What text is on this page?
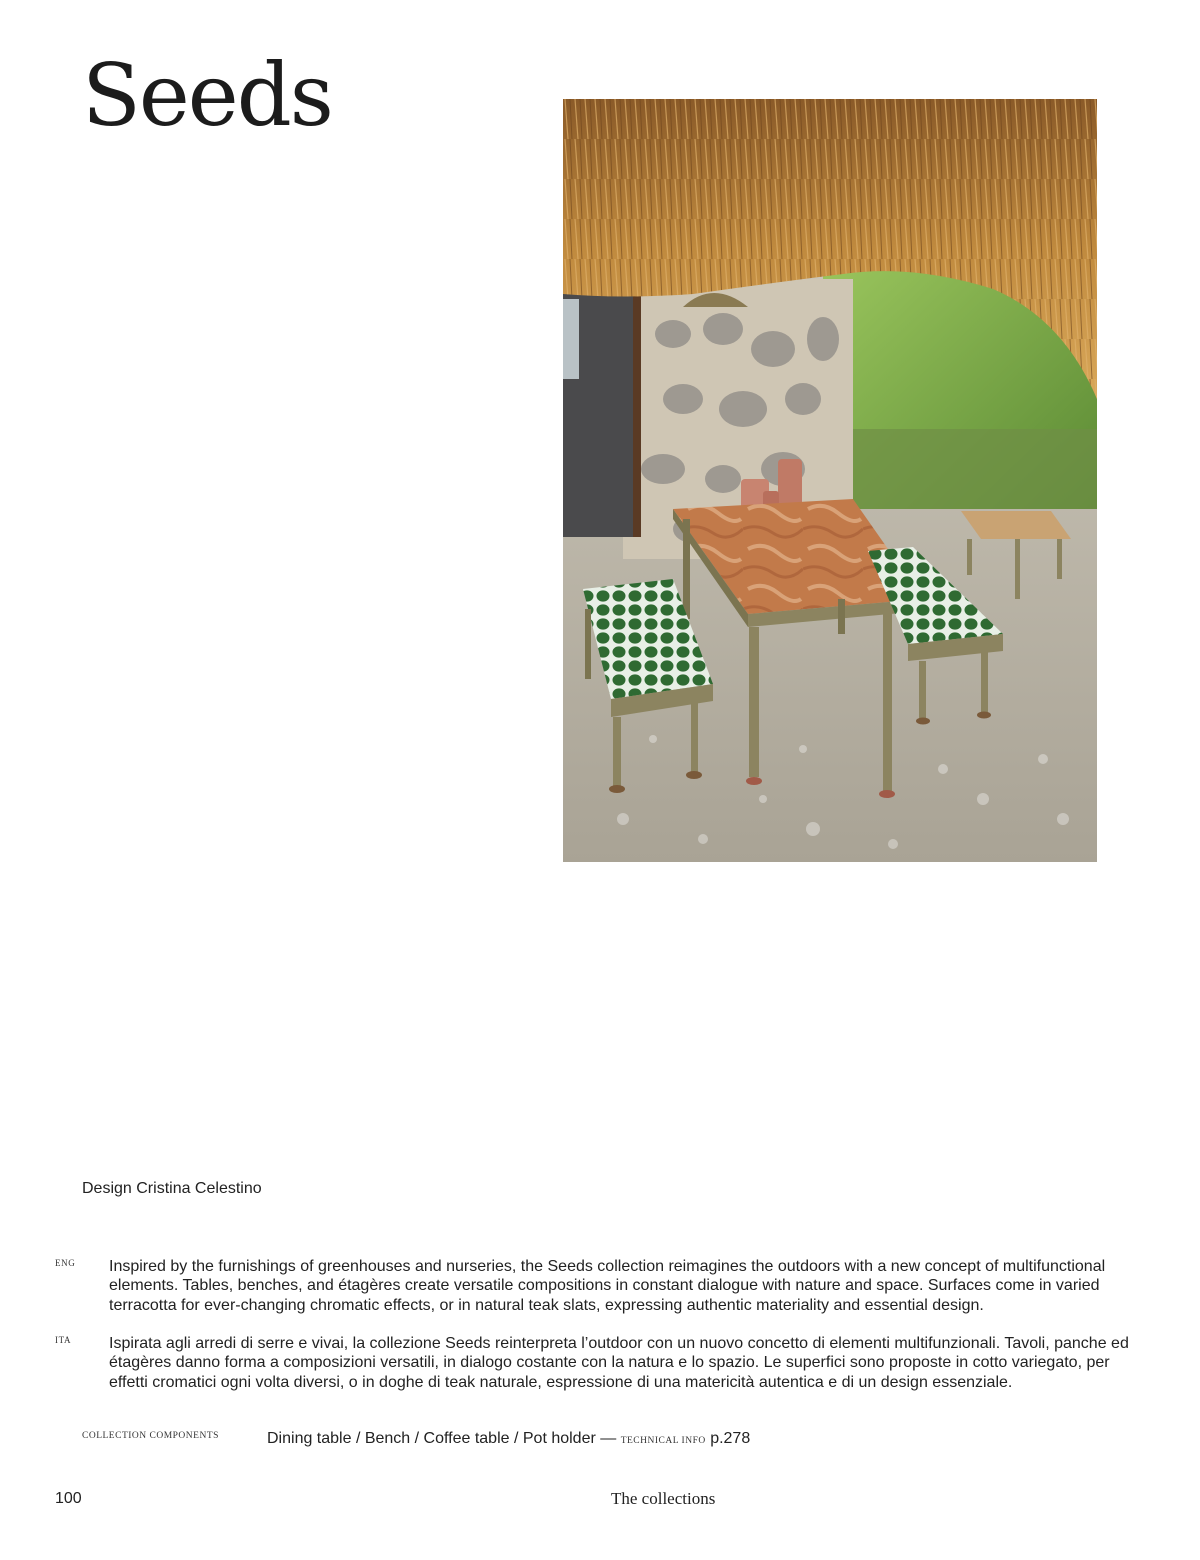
Seeds
Design Cristina Celestino
ENG Inspired by the furnishings of greenhouses and nurseries, the Seeds collection reimagines the outdoors with a new concept of multifunctional elements. Tables, benches, and étagères create versatile compositions in constant dialogue with nature and space. Surfaces come in varied terracotta for ever-changing chromatic effects, or in natural teak slats, expressing authentic materiality and essential design.
ITA Ispirata agli arredi di serre e vivai, la collezione Seeds reinterpreta l’outdoor con un nuovo concetto di elementi multifunzionali. Tavoli, panche ed étagères danno forma a composizioni versatili, in dialogo costante con la natura e lo spazio. Le superfici sono proposte in cotto variegato, per effetti cromatici ogni volta diversi, o in doghe di teak naturale, espressione di una matericità autentica e di un design essenziale.
COLLECTION COMPONENTS	Dining table / Bench / Coffee table / Pot holder — TECHNICAL INFO p.278
100	The collections
